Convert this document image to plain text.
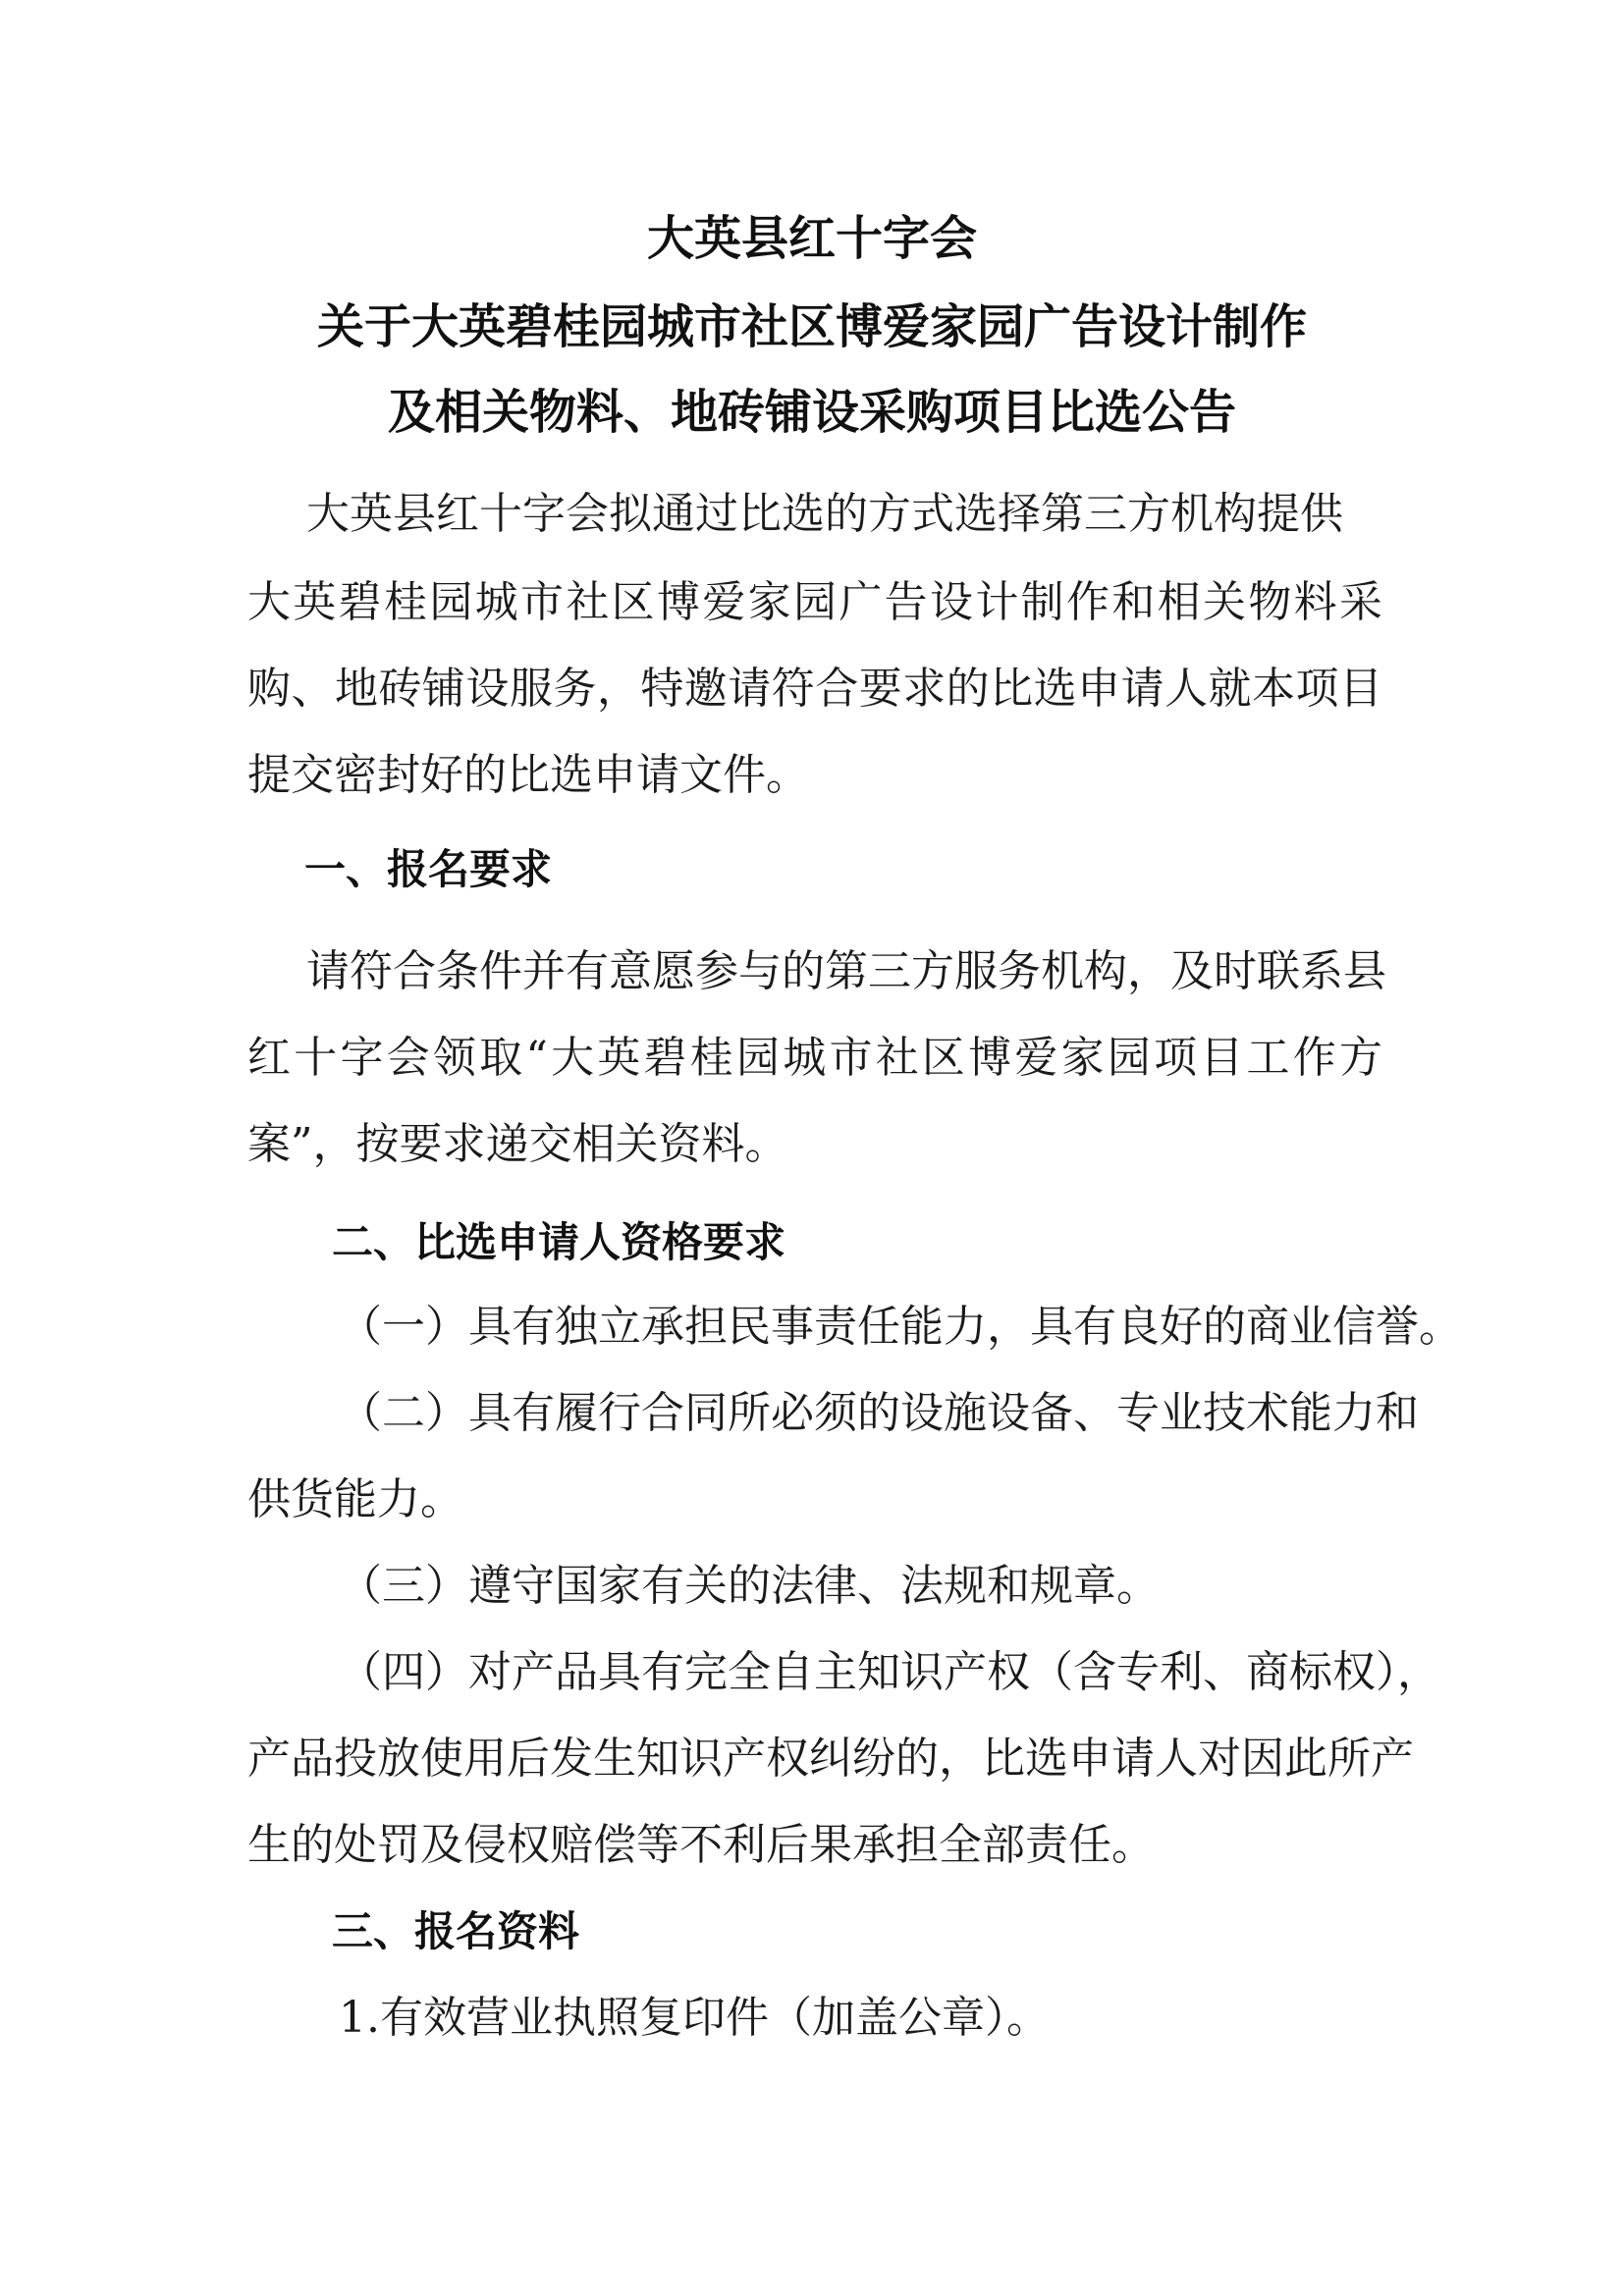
大英县红十字会
关于大英碧桂园城市社区博爱家园广告设计制作
及相关物料、地砖铺设采购项目比选公告
大英县红十字会拟通过比选的方式选择第三方机构提供
大英碧桂园城市社区博爱家园广告设计制作和相关物料采
购、地砖铺设服务，特邀请符合要求的比选申请人就本项目
提交密封好的比选申请文件。
一、报名要求
请符合条件并有意愿参与的第三方服务机构，及时联系县
红十字会领取“大英碧桂园城市社区博爱家园项目工作方
案”，按要求递交相关资料。
二、比选申请人资格要求
（一）具有独立承担民事责任能力，具有良好的商业信誉。
（二）具有履行合同所必须的设施设备、专业技术能力和
供货能力。
（三）遵守国家有关的法律、法规和规章。
（四）对产品具有完全自主知识产权（含专利、商标权），
产品投放使用后发生知识产权纠纷的，比选申请人对因此所产
生的处罚及侵权赔偿等不利后果承担全部责任。
三、报名资料
1.有效营业执照复印件（加盖公章）。
